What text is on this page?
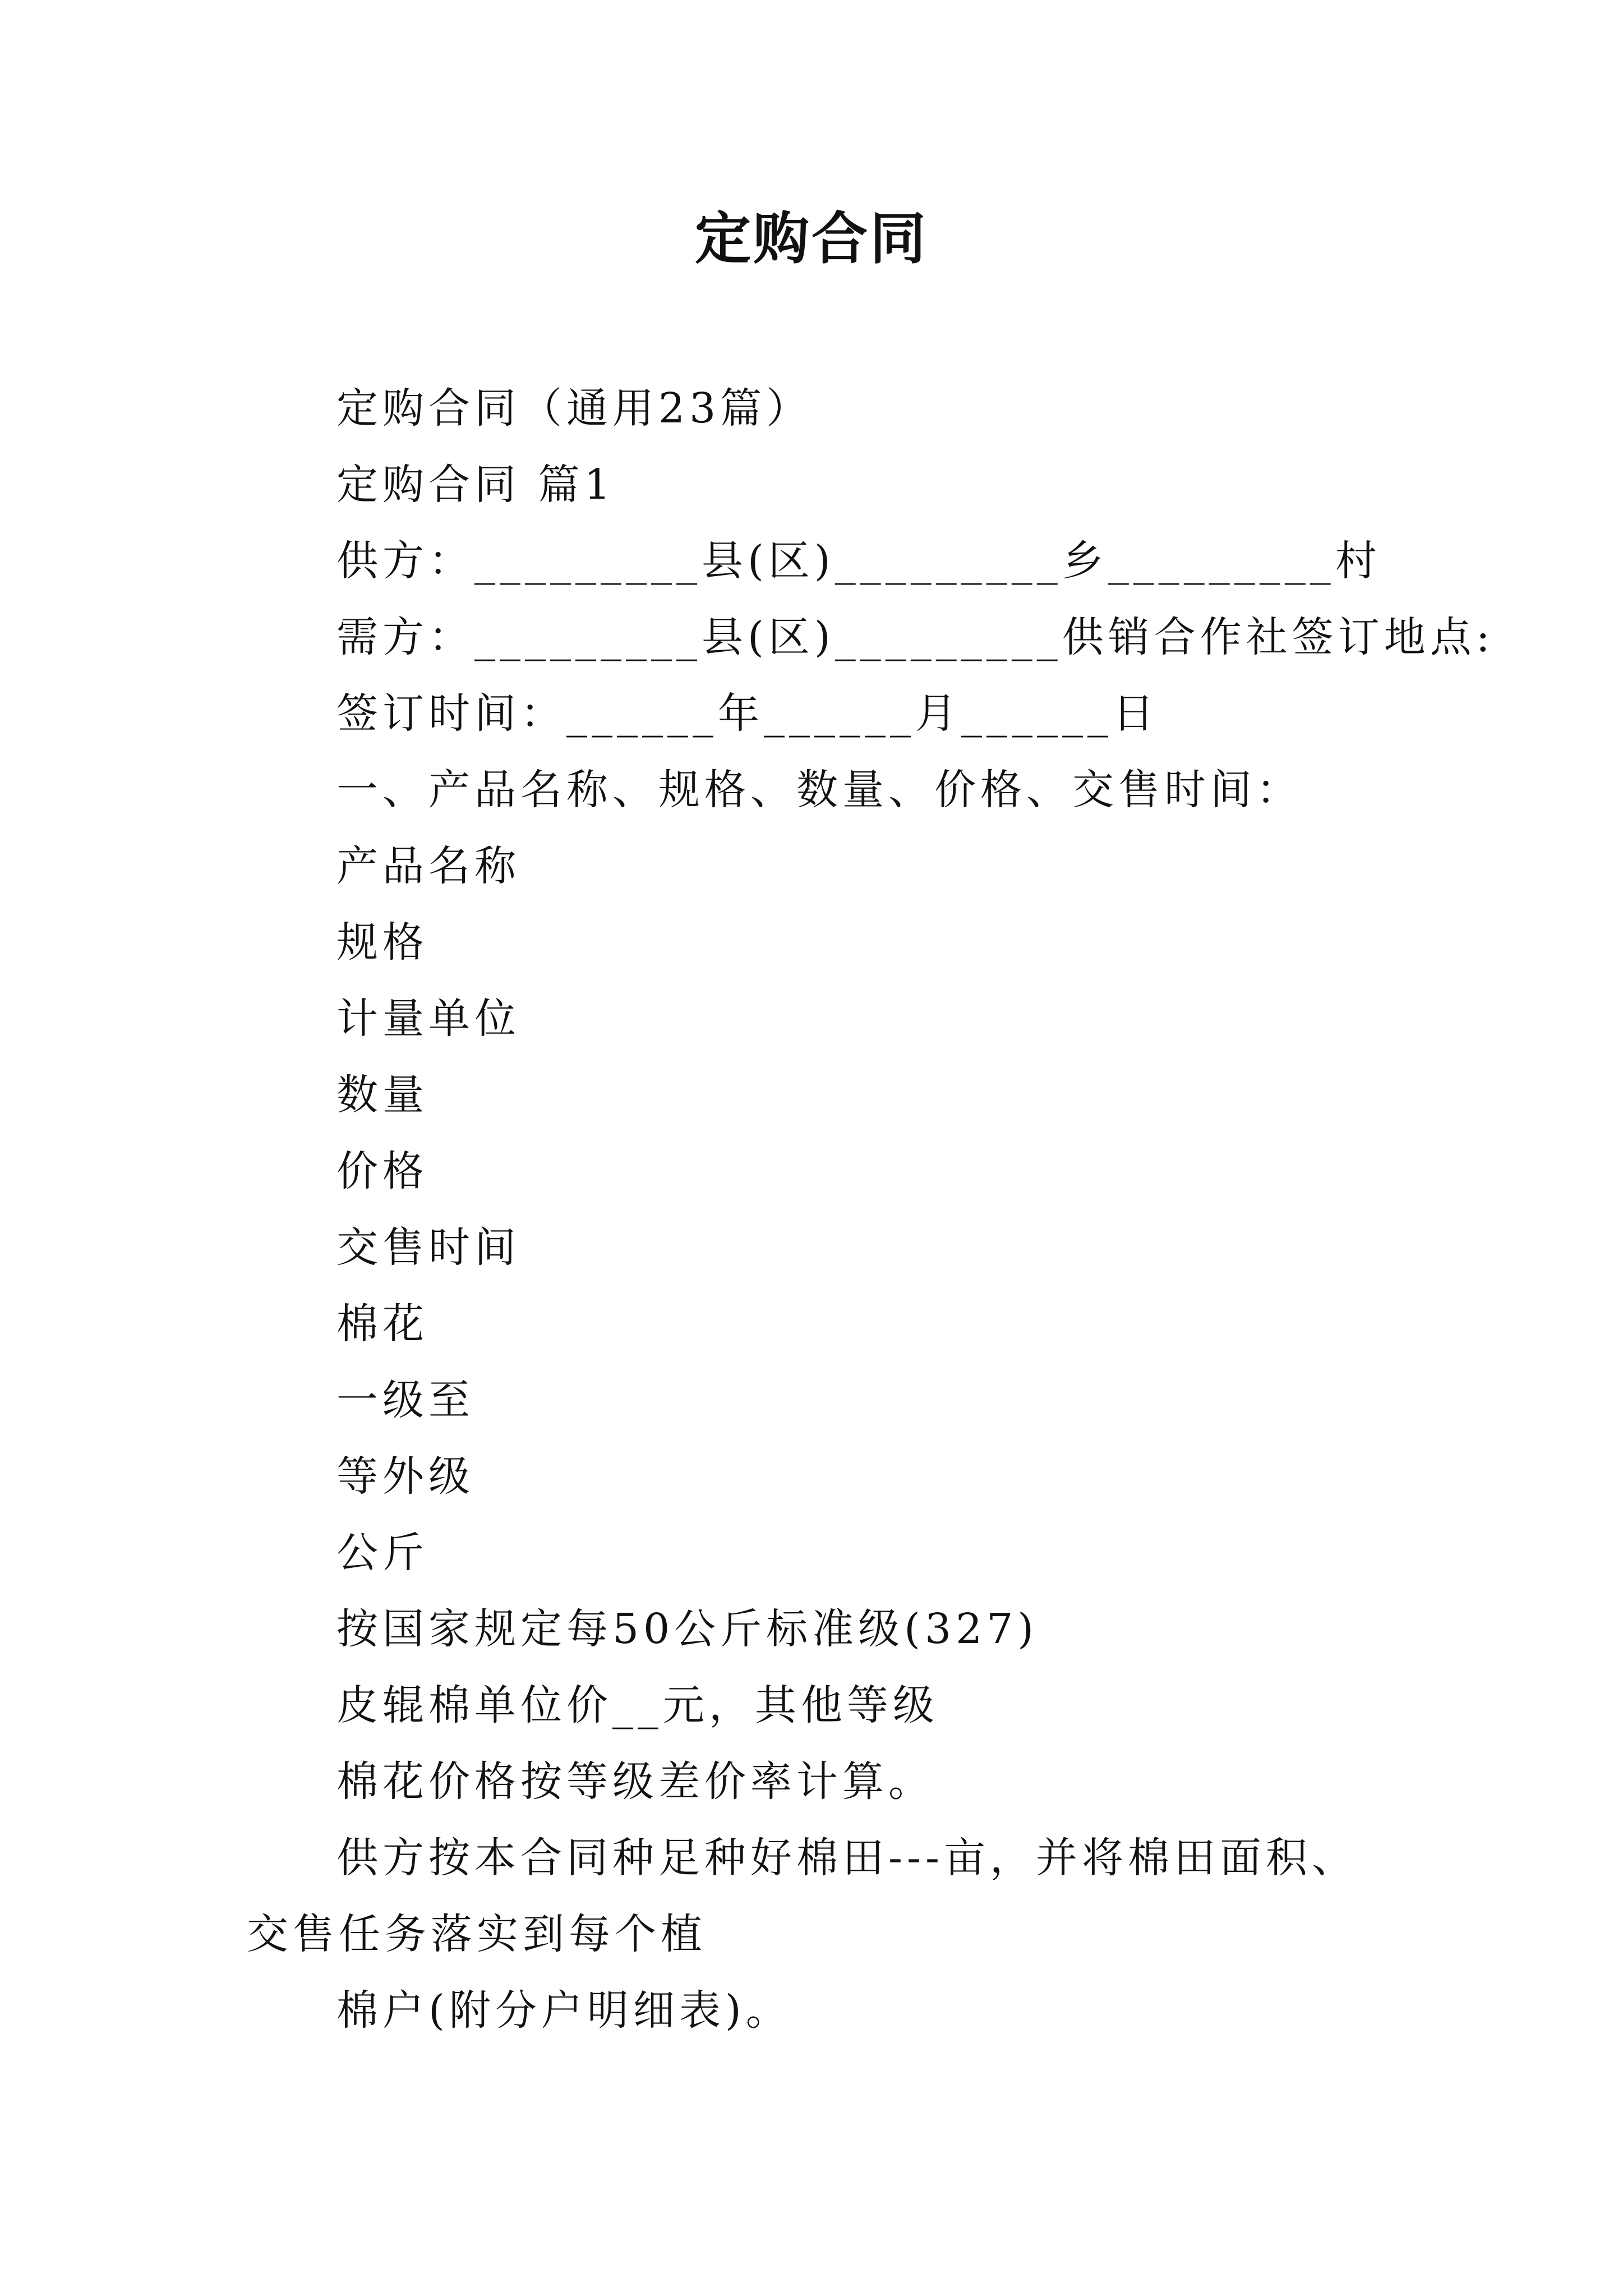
定购合同
定购合同（通用23篇）
定购合同 篇1
供方：_________县(区)_________乡_________村
需方：_________县(区)_________供销合作社签订地点:
签订时间：______年______月______日
一、产品名称、规格、数量、价格、交售时间：
产品名称
规格
计量单位
数量
价格
交售时间
棉花
一级至
等外级
公斤
按国家规定每50公斤标准级(327)
皮辊棉单位价__元，其他等级
棉花价格按等级差价率计算。
供方按本合同种足种好棉田---亩，并将棉田面积、交售任务落实到每个植
棉户(附分户明细表)。
